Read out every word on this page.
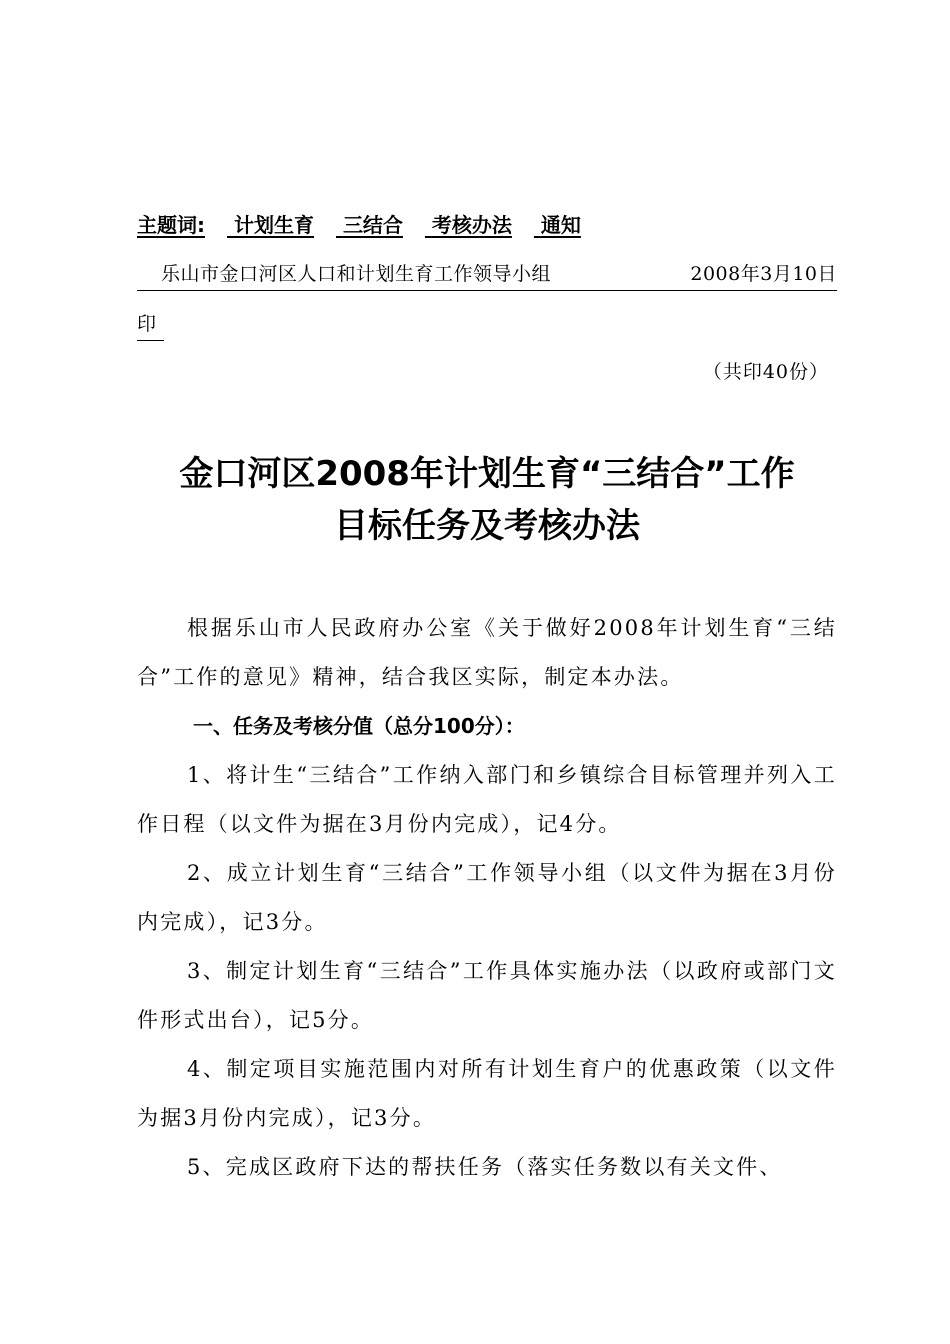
主题词: 计划生育 三结合 考核办法 通知
乐山市金口河区人口和计划生育工作领导小组	2008年3月10日
印
（共印40份）
金口河区2008年计划生育“三结合”工作
目标任务及考核办法

根据乐山市人民政府办公室《关于做好2008年计划生育“三结合”工作的意见》精神，结合我区实际，制定本办法。

一、任务及考核分值（总分100分）：

1、将计生“三结合”工作纳入部门和乡镇综合目标管理并列入工作日程（以文件为据在3月份内完成），记4分。

2、成立计划生育“三结合”工作领导小组（以文件为据在3月份内完成），记3分。

3、制定计划生育“三结合”工作具体实施办法（以政府或部门文件形式出台），记5分。

4、制定项目实施范围内对所有计划生育户的优惠政策（以文件为据3月份内完成），记3分。

5、完成区政府下达的帮扶任务（落实任务数以有关文件、
